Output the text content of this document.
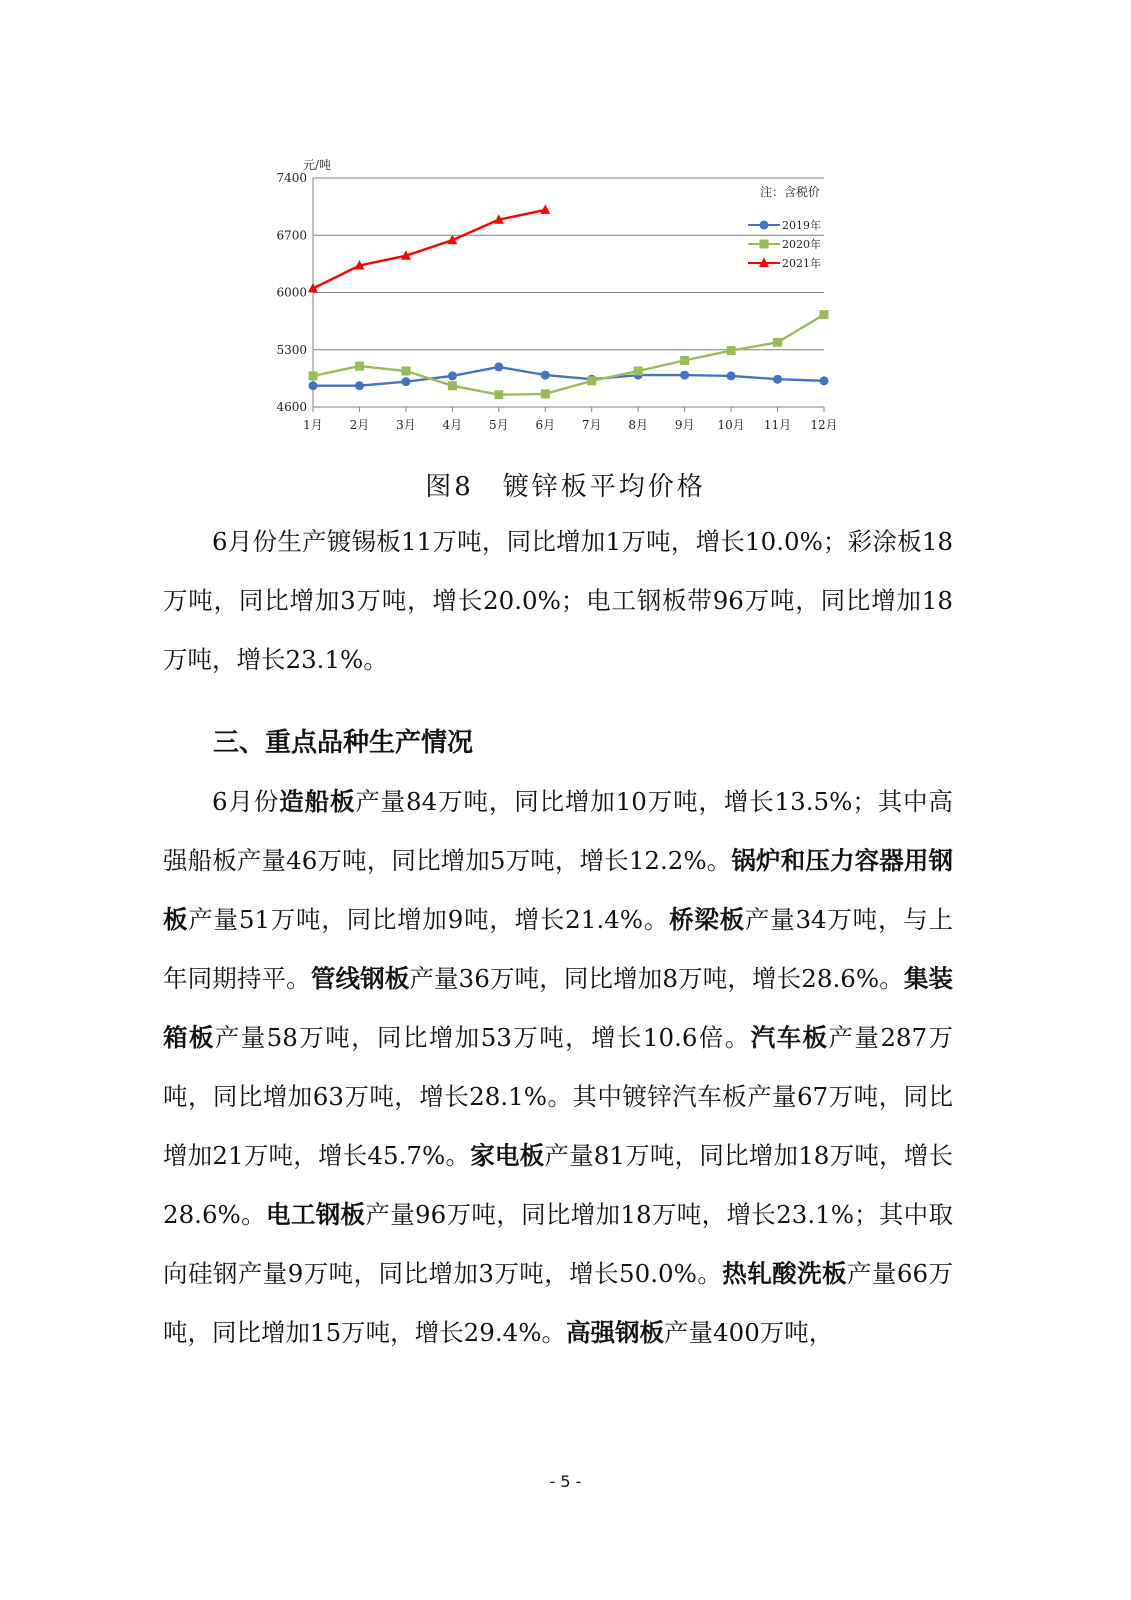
4600
5300
6000
6700
7400
1月 2月 3月 4月 5月 6月 7月 8月 9月 10月 11月 12月
元/吨
注：含税价
2019年
2020年
2021年
图8　镀锌板平均价格

6月份生产镀锡板11万吨，同比增加1万吨，增长10.0%；彩涂板18万吨，同比增加3万吨，增长20.0%；电工钢板带96万吨，同比增加18万吨，增长23.1%。

三、重点品种生产情况

6月份造船板产量84万吨，同比增加10万吨，增长13.5%；其中高强船板产量46万吨，同比增加5万吨，增长12.2%。锅炉和压力容器用钢板产量51万吨，同比增加9吨，增长21.4%。桥梁板产量34万吨，与上年同期持平。管线钢板产量36万吨，同比增加8万吨，增长28.6%。集装箱板产量58万吨，同比增加53万吨，增长10.6倍。汽车板产量287万吨，同比增加63万吨，增长28.1%。其中镀锌汽车板产量67万吨，同比增加21万吨，增长45.7%。家电板产量81万吨，同比增加18万吨，增长28.6%。电工钢板产量96万吨，同比增加18万吨，增长23.1%；其中取向硅钢产量9万吨，同比增加3万吨，增长50.0%。热轧酸洗板产量66万吨，同比增加15万吨，增长29.4%。高强钢板产量400万吨，

- 5 -
